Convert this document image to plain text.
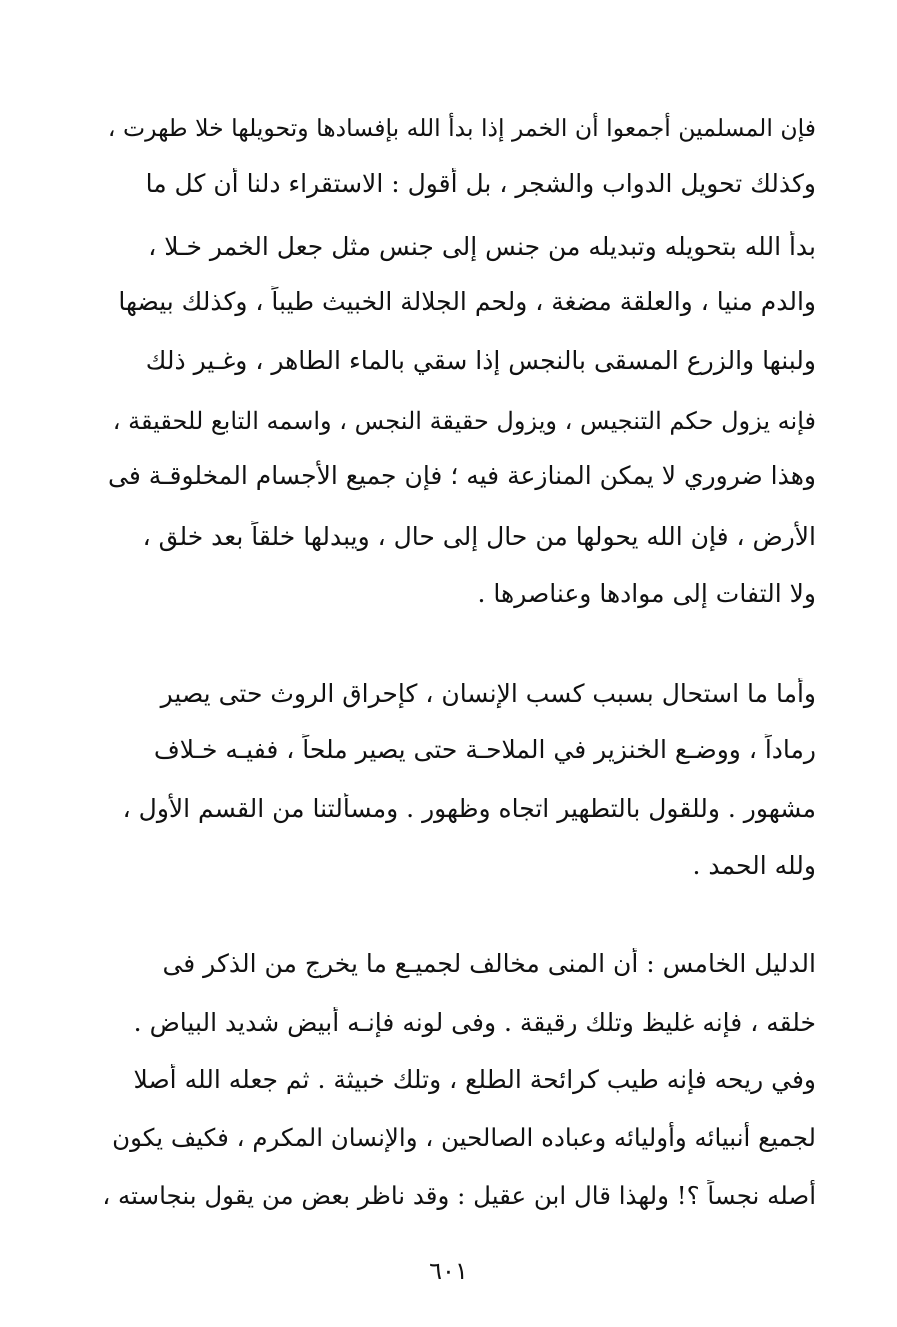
فإن المسلمين أجمعوا أن الخمر إذا بدأ الله بإفسادها وتحويلها خلا طهرت ،
وكذلك تحويل الدواب والشجر ، بل أقول : الاستقراء دلنا أن كل ما
بدأ الله بتحويله وتبديله من جنس إلى جنس مثل جعل الخمر خـلا ،
والدم منيا ، والعلقة مضغة ، ولحم الجلالة الخبيث طيباً ، وكذلك بيضها
ولبنها والزرع المسقى بالنجس إذا سقي بالماء الطاهر ، وغـير ذلك
فإنه يزول حكم التنجيس ، ويزول حقيقة النجس ، واسمه التابع للحقيقة ،
وهذا ضروري لا يمكن المنازعة فيه ؛ فإن جميع الأجسام المخلوقـة فى
الأرض ، فإن الله يحولها من حال إلى حال ، ويبدلها خلقاً بعد خلق ،
ولا التفات إلى موادها وعناصرها .
وأما ما استحال بسبب كسب الإنسان ، كإحراق الروث حتى يصير
رماداً ، ووضـع الخنزير في الملاحـة حتى يصير ملحاً ، ففيـه خـلاف
مشهور . وللقول بالتطهير اتجاه وظهور . ومسألتنا من القسم الأول ،
ولله الحمد .
الدليل الخامس : أن المنى مخالف لجميـع ما يخرج من الذكر فى
خلقه ، فإنه غليظ وتلك رقيقة . وفى لونه فإنـه أبيض شديد البياض .
وفي ريحه فإنه طيب كرائحة الطلع ، وتلك خبيثة . ثم جعله الله أصلا
لجميع أنبيائه وأوليائه وعباده الصالحين ، والإنسان المكرم ، فكيف يكون
أصله نجساً ؟! ولهذا قال ابن عقيل : وقد ناظر بعض من يقول بنجاسته ،
٦٠١
